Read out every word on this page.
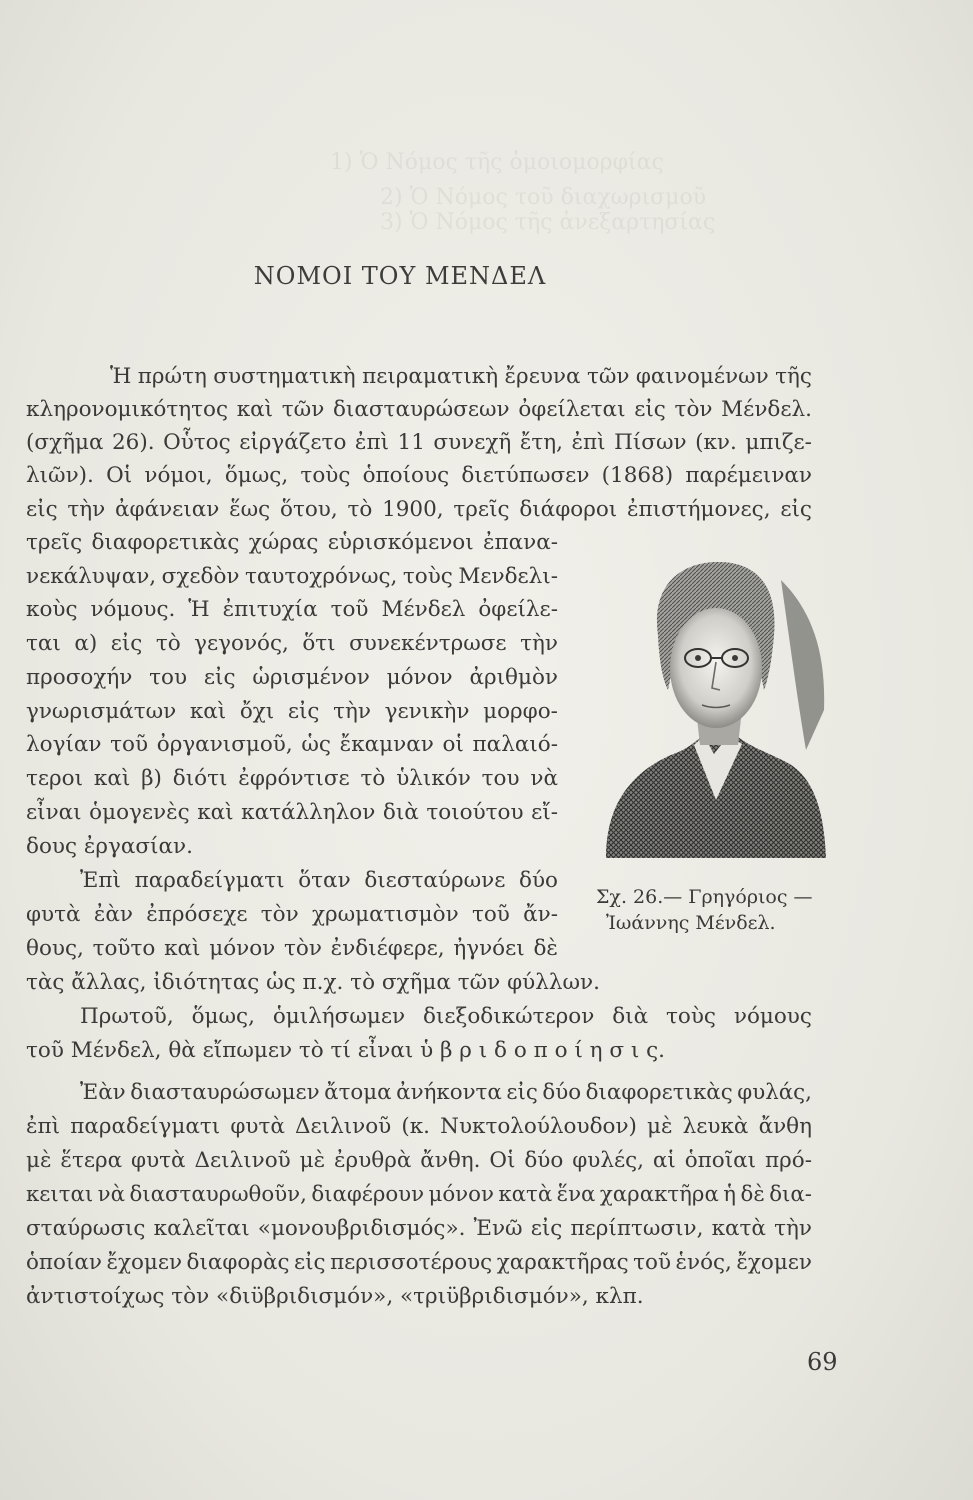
1) Ὁ Νόμος τῆς ὁμοιομορφίας
2) Ὁ Νόμος τοῦ διαχωρισμοῦ
3) Ὁ Νόμος τῆς ἀνεξαρτησίας
ΝΟΜΟΙ ΤΟΥ ΜΕΝΔΕΛ
Ἡ πρώτη συστηματικὴ πειραματικὴ ἔρευνα τῶν φαινομένων τῆς
κληρονομικότητος καὶ τῶν διασταυρώσεων ὀφείλεται εἰς τὸν Μένδελ.
(σχῆμα 26). Οὗτος εἰργάζετο ἐπὶ 11 συνεχῆ ἔτη, ἐπὶ Πίσων (κν. μπιζε-
λιῶν). Οἱ νόμοι, ὅμως, τοὺς ὁποίους διετύπωσεν (1868) παρέμειναν
εἰς τὴν ἀφάνειαν ἕως ὅτου, τὸ 1900, τρεῖς διάφοροι ἐπιστήμονες, εἰς
τρεῖς διαφορετικὰς χώρας εὑρισκόμενοι ἐπανα-
νεκάλυψαν, σχεδὸν ταυτοχρόνως, τοὺς Μενδελι-
κοὺς νόμους. Ἡ ἐπιτυχία τοῦ Μένδελ ὀφείλε-
ται α) εἰς τὸ γεγονός, ὅτι συνεκέντρωσε τὴν
προσοχήν του εἰς ὡρισμένον μόνον ἀριθμὸν
γνωρισμάτων καὶ ὄχι εἰς τὴν γενικὴν μορφο-
λογίαν τοῦ ὀργανισμοῦ, ὡς ἔκαμναν οἱ παλαιό-
τεροι καὶ β) διότι ἐφρόντισε τὸ ὑλικόν του νὰ
εἶναι ὁμογενὲς καὶ κατάλληλον διὰ τοιούτου εἴ-
δους ἐργασίαν.
Ἐπὶ παραδείγματι ὅταν διεσταύρωνε δύο
φυτὰ ἐὰν ἐπρόσεχε τὸν χρωματισμὸν τοῦ ἄν-
θους, τοῦτο καὶ μόνον τὸν ἐνδιέφερε, ἠγνόει δὲ
τὰς ἄλλας, ἰδιότητας ὡς π.χ. τὸ σχῆμα τῶν φύλλων.
Πρωτοῦ, ὅμως, ὁμιλήσωμεν διεξοδικώτερον διὰ τοὺς νόμους
τοῦ Μένδελ, θὰ εἴπωμεν τὸ τί εἶναι ὑ β ρ ι δ ο π ο ί η σ ι ς.
Ἐὰν διασταυρώσωμεν ἄτομα ἀνήκοντα εἰς δύο διαφορετικὰς φυλάς,
ἐπὶ παραδείγματι φυτὰ Δειλινοῦ (κ. Νυκτολούλουδον) μὲ λευκὰ ἄνθη
μὲ ἕτερα φυτὰ Δειλινοῦ μὲ ἐρυθρὰ ἄνθη. Οἱ δύο φυλές, αἱ ὁποῖαι πρό-
κειται νὰ διασταυρωθοῦν, διαφέρουν μόνον κατὰ ἕνα χαρακτῆρα ἡ δὲ δια-
σταύρωσις καλεῖται «μονουβριδισμός». Ἐνῶ εἰς περίπτωσιν, κατὰ τὴν
ὁποίαν ἔχομεν διαφορὰς εἰς περισσοτέρους χαρακτῆρας τοῦ ἑνός, ἔχομεν
ἀντιστοίχως τὸν «διϋβριδισμόν», «τριϋβριδισμόν», κλπ.
Σχ. 26.— Γρηγόριος —
Ἰωάννης Μένδελ.
69
